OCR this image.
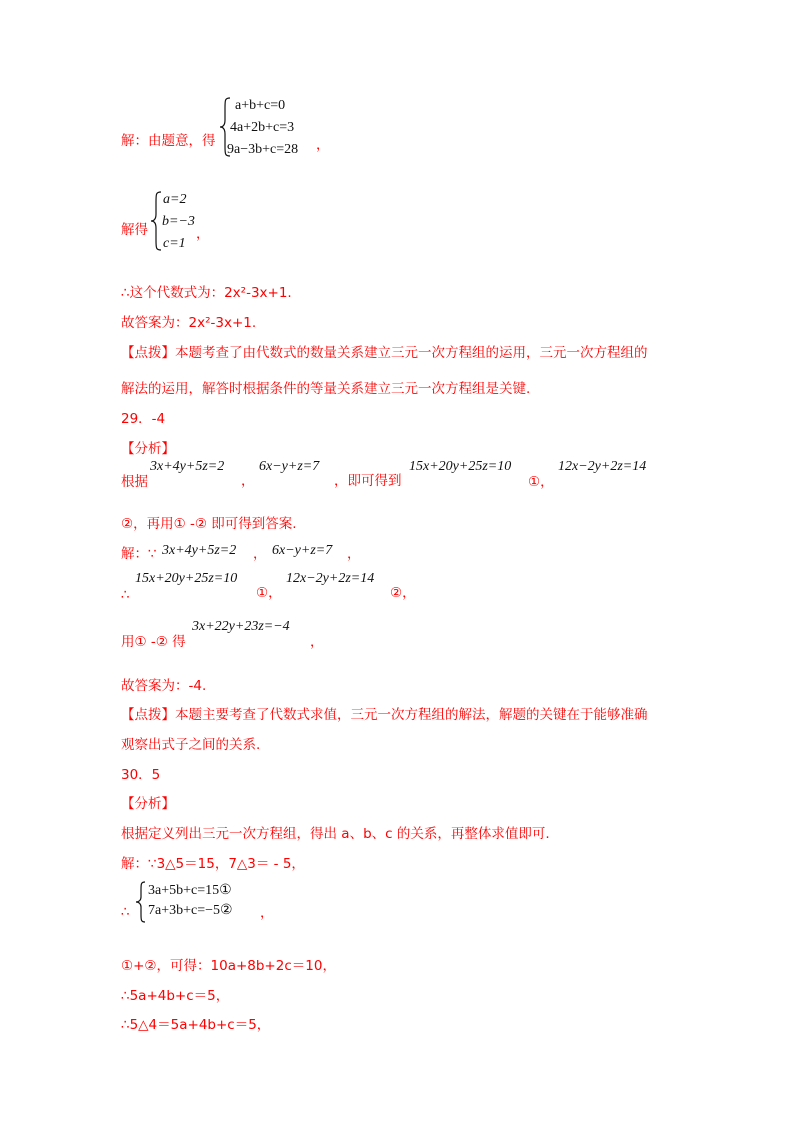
解：由题意，得
a+b+c=0
4a+2b+c=3
9a−3b+c=28 ，
解得
a=2
b=−3
c=1
，
∴这个代数式为：2x²-3x+1.
故答案为：2x²-3x+1.
【点拨】本题考查了由代数式的数量关系建立三元一次方程组的运用，三元一次方程组的
解法的运用，解答时根据条件的等量关系建立三元一次方程组是关键.
29．-4
【分析】
根据
3x+4y+5z=2
，
6x−y+z=7
，即可得到
15x+20y+25z=10
①，
12x−2y+2z=14
②，再用① -② 即可得到答案.
解：∵ 3x+4y+5z=2 ， 6x−y+z=7 ，
∴
15x+20y+25z=10
①，
12x−2y+2z=14
②，
用① -② 得
3x+22y+23z=−4
，
故答案为：-4.
【点拨】本题主要考查了代数式求值，三元一次方程组的解法，解题的关键在于能够准确
观察出式子之间的关系.
30．5
【分析】
根据定义列出三元一次方程组，得出 a、b、c 的关系，再整体求值即可.
解：∵3△5＝15，7△3＝ - 5，
∴
3a+5b+c=15①
7a+3b+c=−5② ，
①+②，可得：10a+8b+2c＝10，
∴5a+4b+c＝5，
∴5△4＝5a+4b+c＝5，
